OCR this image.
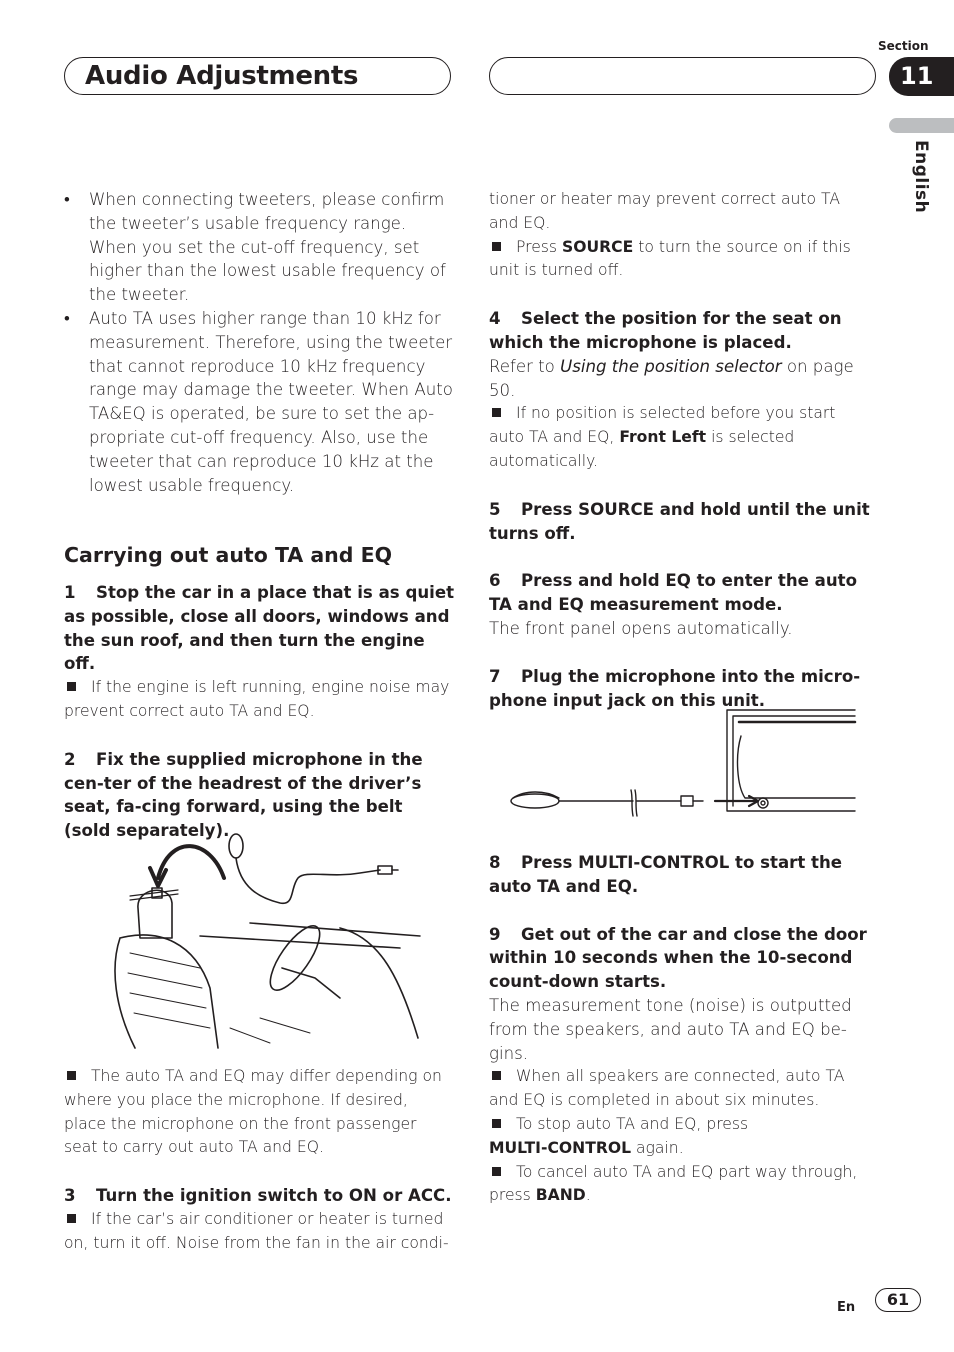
Audio Adjustments
Section
11
English
• When connecting tweeters, please confirm the tweeter’s usable frequency range. When you set the cut-off frequency, set higher than the lowest usable frequency of the tweeter.
• Auto TA uses higher range than 10 kHz for measurement. Therefore, using the tweeter that cannot reproduce 10 kHz frequency range may damage the tweeter. When Auto TA&EQ is operated, be sure to set the ap-propriate cut-off frequency. Also, use the tweeter that can reproduce 10 kHz at the lowest usable frequency.
Carrying out auto TA and EQ

1 Stop the car in a place that is as quiet as possible, close all doors, windows and the sun roof, and then turn the engine off.

If the engine is left running, engine noise may prevent correct auto TA and EQ.

2 Fix the supplied microphone in the cen-ter of the headrest of the driver’s seat, fa-cing forward, using the belt (sold separately).

The auto TA and EQ may differ depending on where you place the microphone. If desired, place the microphone on the front passenger seat to carry out auto TA and EQ.

3 Turn the ignition switch to ON or ACC.

If the car’s air conditioner or heater is turned on, turn it off. Noise from the fan in the air condi-

tioner or heater may prevent correct auto TA and EQ.

Press SOURCE to turn the source on if this unit is turned off.

4 Select the position for the seat on which the microphone is placed.

Refer to Using the position selector on page 50.

If no position is selected before you start auto TA and EQ, Front Left is selected automatically.

5 Press SOURCE and hold until the unit turns off.

6 Press and hold EQ to enter the auto TA and EQ measurement mode.

The front panel opens automatically.

7 Plug the microphone into the micro-phone input jack on this unit.

8 Press MULTI-CONTROL to start the auto TA and EQ.

9 Get out of the car and close the door within 10 seconds when the 10-second count-down starts.

The measurement tone (noise) is outputted from the speakers, and auto TA and EQ be-gins.

When all speakers are connected, auto TA and EQ is completed in about six minutes.

To stop auto TA and EQ, press
MULTI-CONTROL again.

To cancel auto TA and EQ part way through, press BAND.

En	61
